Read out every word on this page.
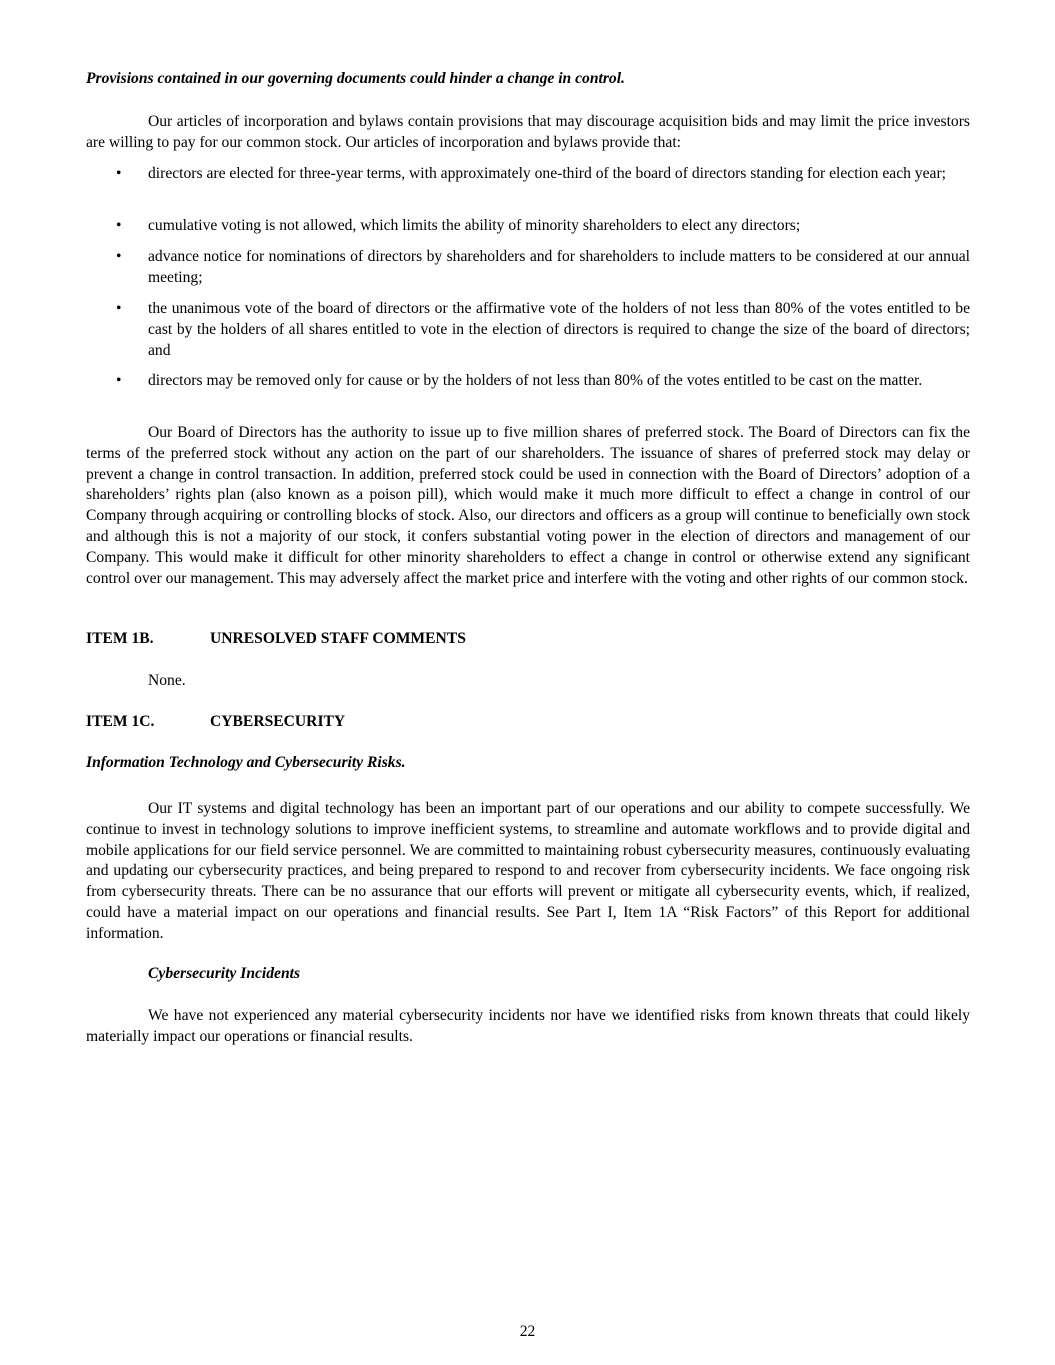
Provisions contained in our governing documents could hinder a change in control.

Our articles of incorporation and bylaws contain provisions that may discourage acquisition bids and may limit the price investors are willing to pay for our common stock. Our articles of incorporation and bylaws provide that:

• directors are elected for three-year terms, with approximately one-third of the board of directors standing for election each year;
• cumulative voting is not allowed, which limits the ability of minority shareholders to elect any directors;
• advance notice for nominations of directors by shareholders and for shareholders to include matters to be considered at our annual meeting;
• the unanimous vote of the board of directors or the affirmative vote of the holders of not less than 80% of the votes entitled to be cast by the holders of all shares entitled to vote in the election of directors is required to change the size of the board of directors; and
• directors may be removed only for cause or by the holders of not less than 80% of the votes entitled to be cast on the matter.

Our Board of Directors has the authority to issue up to five million shares of preferred stock. The Board of Directors can fix the terms of the preferred stock without any action on the part of our shareholders. The issuance of shares of preferred stock may delay or prevent a change in control transaction. In addition, preferred stock could be used in connection with the Board of Directors’ adoption of a shareholders’ rights plan (also known as a poison pill), which would make it much more difficult to effect a change in control of our Company through acquiring or controlling blocks of stock. Also, our directors and officers as a group will continue to beneficially own stock and although this is not a majority of our stock, it confers substantial voting power in the election of directors and management of our Company. This would make it difficult for other minority shareholders to effect a change in control or otherwise extend any significant control over our management. This may adversely affect the market price and interfere with the voting and other rights of our common stock.

ITEM 1B.	UNRESOLVED STAFF COMMENTS
None.
ITEM 1C.	CYBERSECURITY
Information Technology and Cybersecurity Risks.

Our IT systems and digital technology has been an important part of our operations and our ability to compete successfully. We continue to invest in technology solutions to improve inefficient systems, to streamline and automate workflows and to provide digital and mobile applications for our field service personnel. We are committed to maintaining robust cybersecurity measures, continuously evaluating and updating our cybersecurity practices, and being prepared to respond to and recover from cybersecurity incidents. We face ongoing risk from cybersecurity threats. There can be no assurance that our efforts will prevent or mitigate all cybersecurity events, which, if realized, could have a material impact on our operations and financial results. See Part I, Item 1A “Risk Factors” of this Report for additional information.

Cybersecurity Incidents

We have not experienced any material cybersecurity incidents nor have we identified risks from known threats that could likely materially impact our operations or financial results.

22
